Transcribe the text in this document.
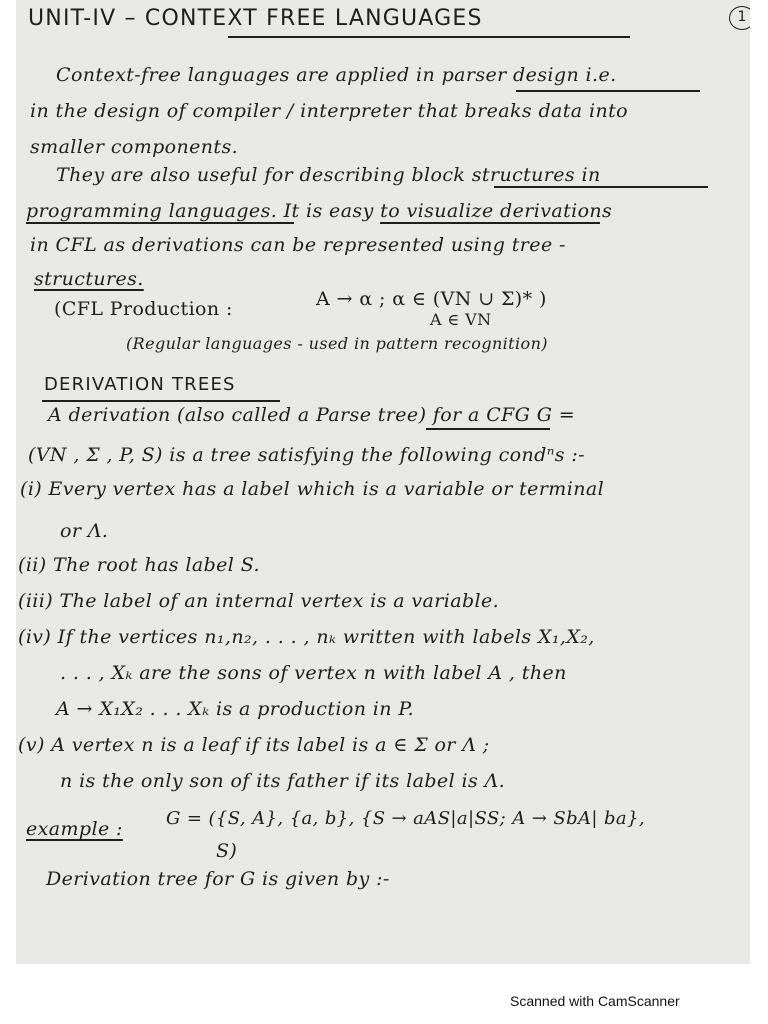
UNIT-IV – CONTEXT FREE LANGUAGES	1
Context-free languages are applied in parser design i.e.
in the design of compiler / interpreter that breaks data into
smaller components.
They are also useful for describing block structures in
programming languages. It is easy to visualize derivations
in CFL as derivations can be represented using tree -
structures.
(CFL Production :	A → α ; α ∈ (VN ∪ Σ)* )
A ∈ VN
(Regular languages - used in pattern recognition)
DERIVATION TREES
A derivation (also called a Parse tree) for a CFG G =
(VN , Σ , P, S) is a tree satisfying the following condⁿs :-
(i) Every vertex has a label which is a variable or terminal
or Λ.
(ii) The root has label S.
(iii) The label of an internal vertex is a variable.
(iv) If the vertices n₁,n₂, . . . , nₖ written with labels X₁,X₂,
. . . , Xₖ are the sons of vertex n with label A , then
A → X₁X₂ . . . Xₖ is a production in P.
(v) A vertex n is a leaf if its label is a ∈ Σ or Λ ;
n is the only son of its father if its label is Λ.
example : G = ({S, A}, {a, b}, {S → aAS|a|SS; A → SbA| ba},
S)
Derivation tree for G is given by :-
Scanned with CamScanner
